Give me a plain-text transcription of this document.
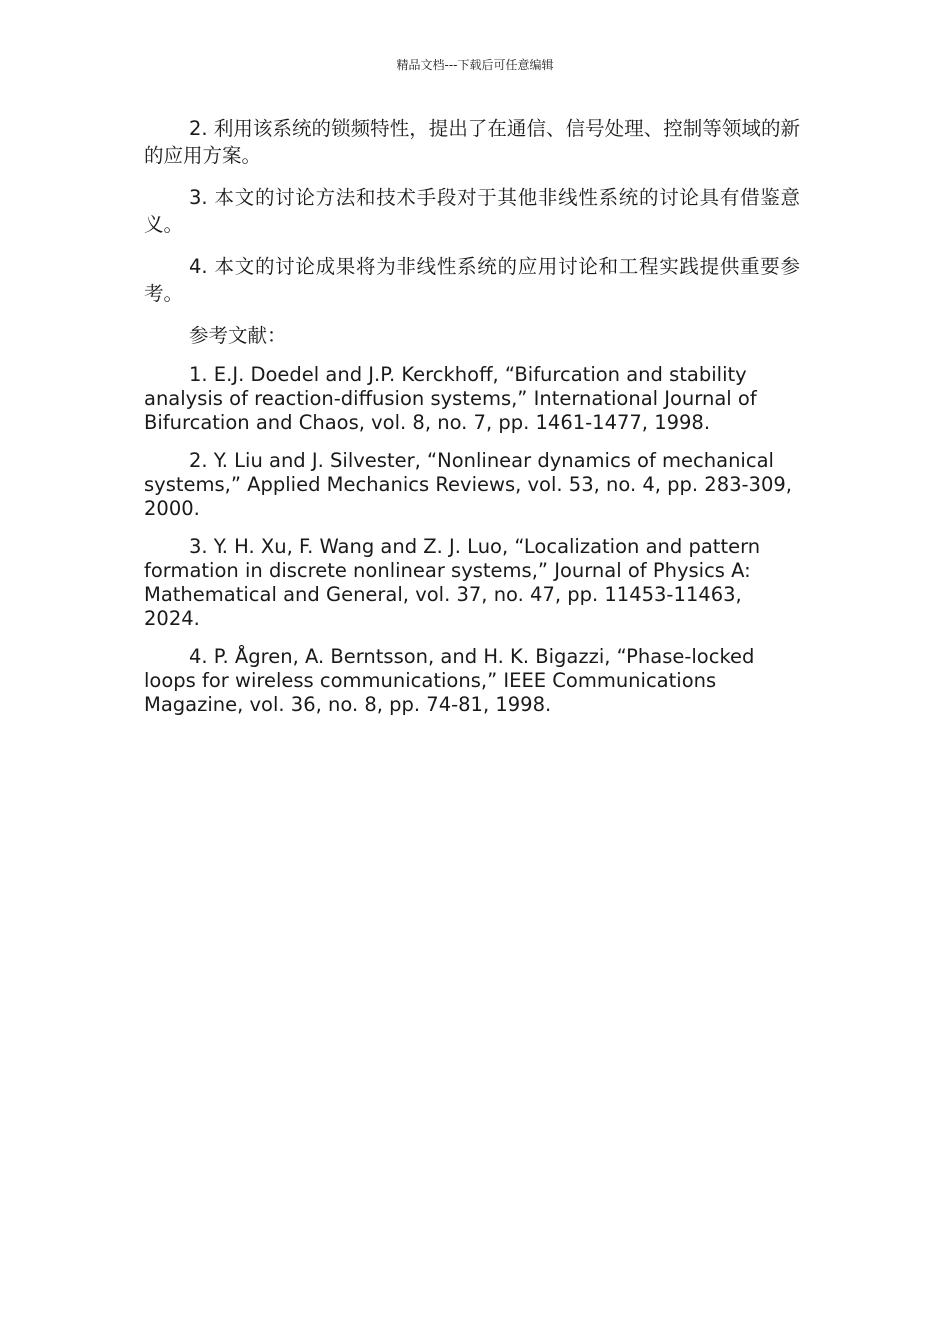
精品文档---下载后可任意编辑

2. 利用该系统的锁频特性，提出了在通信、信号处理、控制等领域的新的应用方案。

3. 本文的讨论方法和技术手段对于其他非线性系统的讨论具有借鉴意义。

4. 本文的讨论成果将为非线性系统的应用讨论和工程实践提供重要参考。

参考文献：

1. E.J. Doedel and J.P. Kerckhoff, “Bifurcation and stability analysis of reaction-diffusion systems,” International Journal of Bifurcation and Chaos, vol. 8, no. 7, pp. 1461-1477, 1998.

2. Y. Liu and J. Silvester, “Nonlinear dynamics of mechanical systems,” Applied Mechanics Reviews, vol. 53, no. 4, pp. 283-309, 2000.

3. Y. H. Xu, F. Wang and Z. J. Luo, “Localization and pattern formation in discrete nonlinear systems,” Journal of Physics A: Mathematical and General, vol. 37, no. 47, pp. 11453-11463, 2024.

4. P. Ågren, A. Berntsson, and H. K. Bigazzi, “Phase-locked loops for wireless communications,” IEEE Communications Magazine, vol. 36, no. 8, pp. 74-81, 1998.
